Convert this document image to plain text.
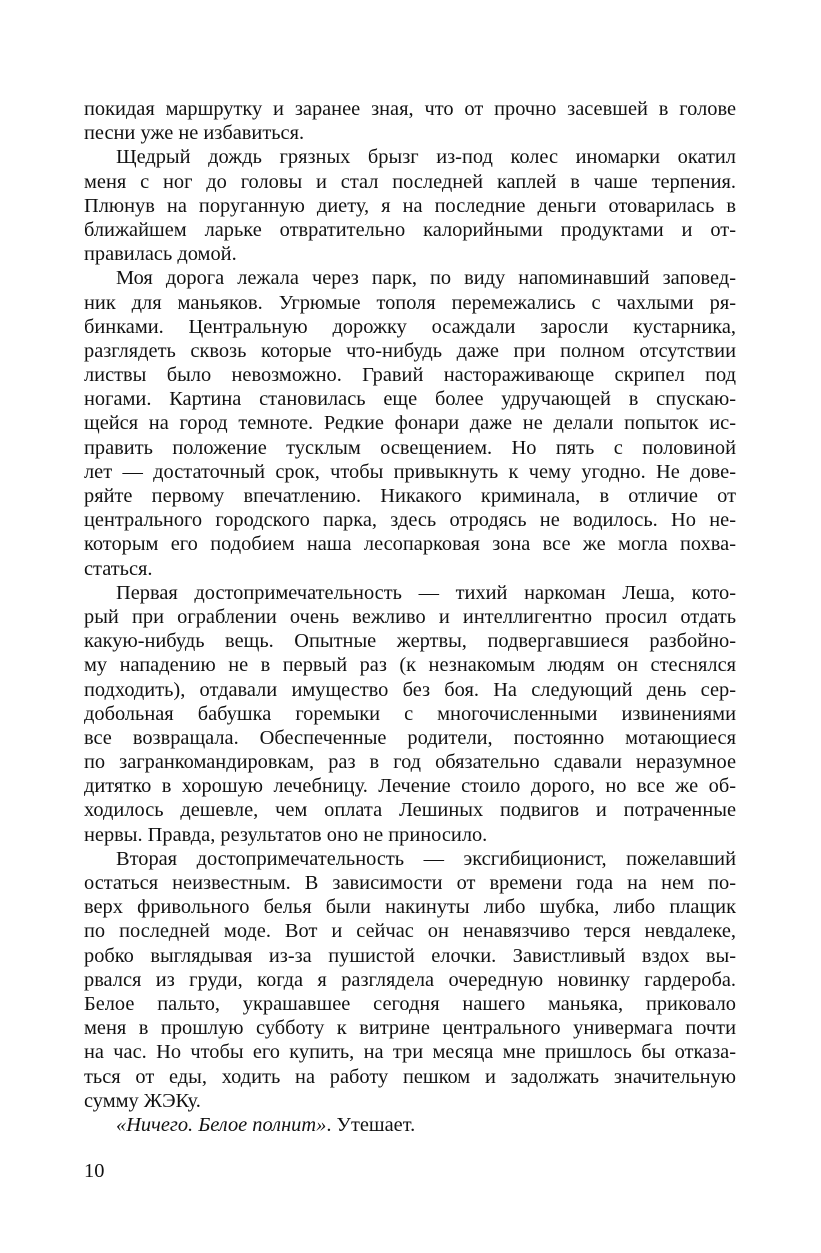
покидая маршрутку и заранее зная, что от прочно засевшей в голове
песни уже не избавиться.
Щедрый дождь грязных брызг из-под колес иномарки окатил
меня с ног до головы и стал последней каплей в чаше терпения.
Плюнув на поруганную диету, я на последние деньги отоварилась в
ближайшем ларьке отвратительно калорийными продуктами и от-
правилась домой.
Моя дорога лежала через парк, по виду напоминавший заповед-
ник для маньяков. Угрюмые тополя перемежались с чахлыми ря-
бинками. Центральную дорожку осаждали заросли кустарника,
разглядеть сквозь которые что-нибудь даже при полном отсутствии
листвы было невозможно. Гравий настораживающе скрипел под
ногами. Картина становилась еще более удручающей в спускаю-
щейся на город темноте. Редкие фонари даже не делали попыток ис-
править положение тусклым освещением. Но пять с половиной
лет — достаточный срок, чтобы привыкнуть к чему угодно. Не дове-
ряйте первому впечатлению. Никакого криминала, в отличие от
центрального городского парка, здесь отродясь не водилось. Но не-
которым его подобием наша лесопарковая зона все же могла похва-
статься.
Первая достопримечательность — тихий наркоман Леша, кото-
рый при ограблении очень вежливо и интеллигентно просил отдать
какую-нибудь вещь. Опытные жертвы, подвергавшиеся разбойно-
му нападению не в первый раз (к незнакомым людям он стеснялся
подходить), отдавали имущество без боя. На следующий день сер-
добольная бабушка горемыки с многочисленными извинениями
все возвращала. Обеспеченные родители, постоянно мотающиеся
по загранкомандировкам, раз в год обязательно сдавали неразумное
дитятко в хорошую лечебницу. Лечение стоило дорого, но все же об-
ходилось дешевле, чем оплата Лешиных подвигов и потраченные
нервы. Правда, результатов оно не приносило.
Вторая достопримечательность — эксгибиционист, пожелавший
остаться неизвестным. В зависимости от времени года на нем по-
верх фривольного белья были накинуты либо шубка, либо плащик
по последней моде. Вот и сейчас он ненавязчиво терся невдалеке,
робко выглядывая из-за пушистой елочки. Завистливый вздох вы-
рвался из груди, когда я разглядела очередную новинку гардероба.
Белое пальто, украшавшее сегодня нашего маньяка, приковало
меня в прошлую субботу к витрине центрального универмага почти
на час. Но чтобы его купить, на три месяца мне пришлось бы отказа-
ться от еды, ходить на работу пешком и задолжать значительную
сумму ЖЭКу.
«Ничего. Белое полнит». Утешает.
10
